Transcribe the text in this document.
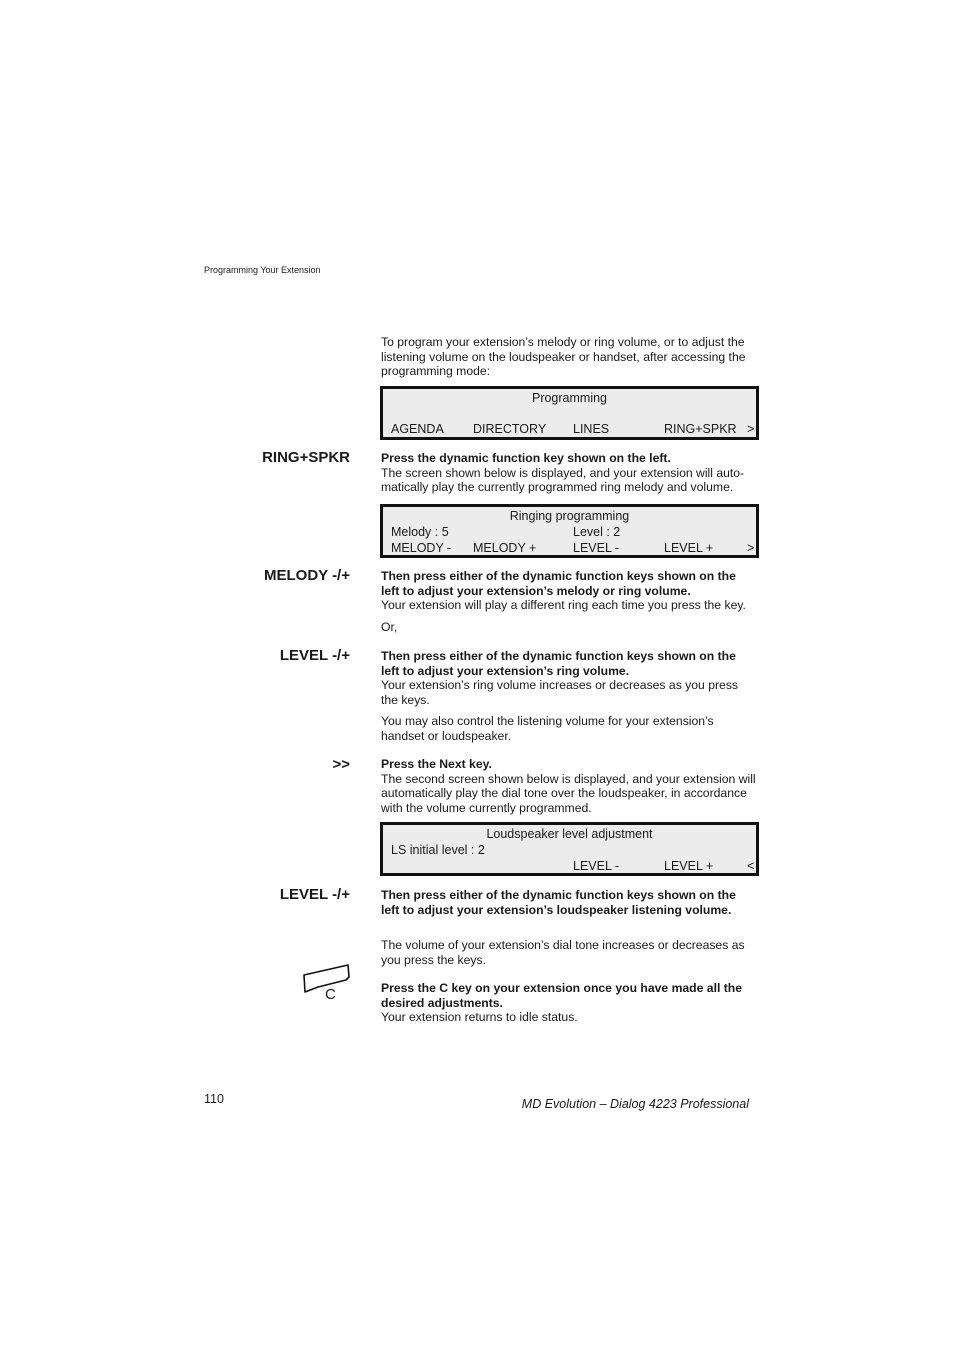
Programming Your Extension
To program your extension’s melody or ring volume, or to adjust the listening volume on the loudspeaker or handset, after accessing the programming mode:
Programming
AGENDA DIRECTORY LINES	RING+SPKR >
RING+SPKR	Press the dynamic function key shown on the left.
The screen shown below is displayed, and your extension will auto-
matically play the currently programmed ring melody and volume.
Ringing programming
Melody : 5	Level : 2
MELODY - MELODY +	LEVEL -	LEVEL +	>
MELODY -/+	Then press either of the dynamic function keys shown on the
left to adjust your extension’s melody or ring volume.
Your extension will play a different ring each time you press the key.
Or,
LEVEL -/+	Then press either of the dynamic function keys shown on the
left to adjust your extension’s ring volume.
Your extension’s ring volume increases or decreases as you press
the keys.
You may also control the listening volume for your extension’s
handset or loudspeaker.
>>	Press the Next key.
The second screen shown below is displayed, and your extension will
automatically play the dial tone over the loudspeaker, in accordance
with the volume currently programmed.
Loudspeaker level adjustment
LS initial level : 2
LEVEL -	LEVEL +	<
LEVEL -/+	Then press either of the dynamic function keys shown on the
left to adjust your extension’s loudspeaker listening volume.
The volume of your extension’s dial tone increases or decreases as
you press the keys.
C	Press the C key on your extension once you have made all the
desired adjustments.
Your extension returns to idle status.
110	MD Evolution – Dialog 4223 Professional
